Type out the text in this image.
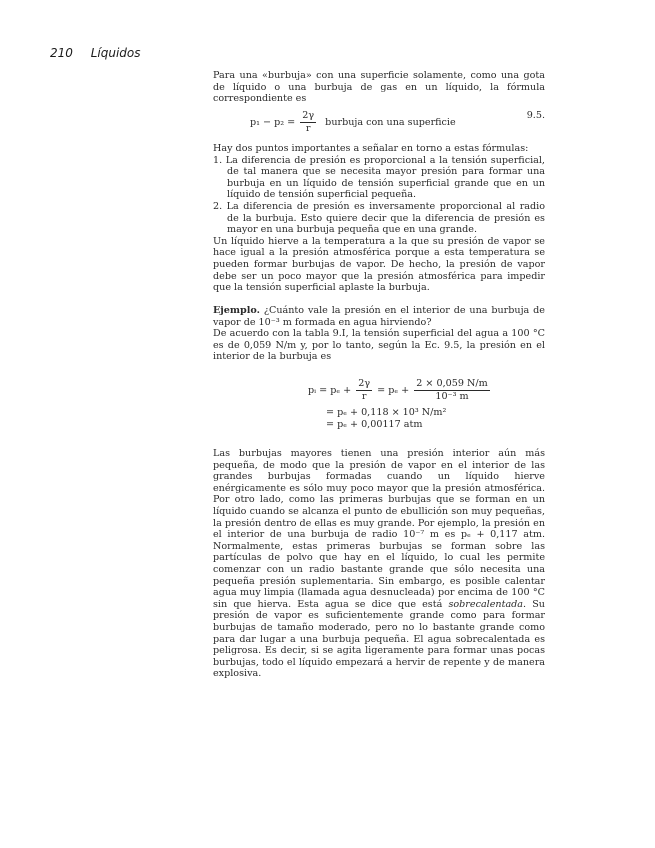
210 Líquidos

Para una «burbuja» con una superficie solamente, como una gota de líquido o una burbuja de gas en un líquido, la fórmula correspondiente es

$p_1 - p_2 = \frac{2\gamma}{r}$ burbuja con una superficie
9.5.

Hay dos puntos importantes a señalar en torno a estas fórmulas:

1. La diferencia de presión es proporcional a la tensión superficial, de tal manera que se necesita mayor presión para formar una burbuja en un líquido de tensión superficial grande que en un líquido de tensión superficial pequeña.

2. La diferencia de presión es inversamente proporcional al radio de la burbuja. Esto quiere decir que la diferencia de presión es mayor en una burbuja pequeña que en una grande.

Un líquido hierve a la temperatura a la que su presión de vapor se hace igual a la presión atmosférica porque a esta temperatura se pueden formar burbujas de vapor. De hecho, la presión de vapor debe ser un poco mayor que la presión atmosférica para impedir que la tensión superficial aplaste la burbuja.

Ejemplo. ¿Cuánto vale la presión en el interior de una burbuja de vapor de 10⁻³ m formada en agua hirviendo?

De acuerdo con la tabla 9.I, la tensión superficial del agua a 100 °C es de 0,059 N/m y, por lo tanto, según la Ec. 9.5, la presión en el interior de la burbuja es

pᵢ = $p_e + \frac{2\gamma}{r} = p_e + \frac{2 \times 0,059 N/m}{\text{10⁻³ m}}$
= pₑ + 0,118 × 10³ N/m²
= pₑ + 0,00117 atm

Las burbujas mayores tienen una presión interior aún más pequeña, de modo que la presión de vapor en el interior de las grandes burbujas formadas cuando un líquido hierve enérgicamente es sólo muy poco mayor que la presión atmosférica. Por otro lado, como las primeras burbujas que se forman en un líquido cuando se alcanza el punto de ebullición son muy pequeñas, la presión dentro de ellas es muy grande. Por ejemplo, la presión en el interior de una burbuja de radio 10⁻⁷ m es pₑ + 0,117 atm. Normalmente, estas primeras burbujas se forman sobre las partículas de polvo que hay en el líquido, lo cual les permite comenzar con un radio bastante grande que sólo necesita una pequeña presión suplementaria. Sin embargo, es posible calentar agua muy limpia (llamada agua desnucleada) por encima de 100 °C sin que hierva. Esta agua se dice que está sobrecalentada. Su presión de vapor es suficientemente grande como para formar burbujas de tamaño moderado, pero no lo bastante grande como para dar lugar a una burbuja pequeña. El agua sobrecalentada es peligrosa. Es decir, si se agita ligeramente para formar unas pocas burbujas, todo el líquido empezará a hervir de repente y de manera explosiva.
